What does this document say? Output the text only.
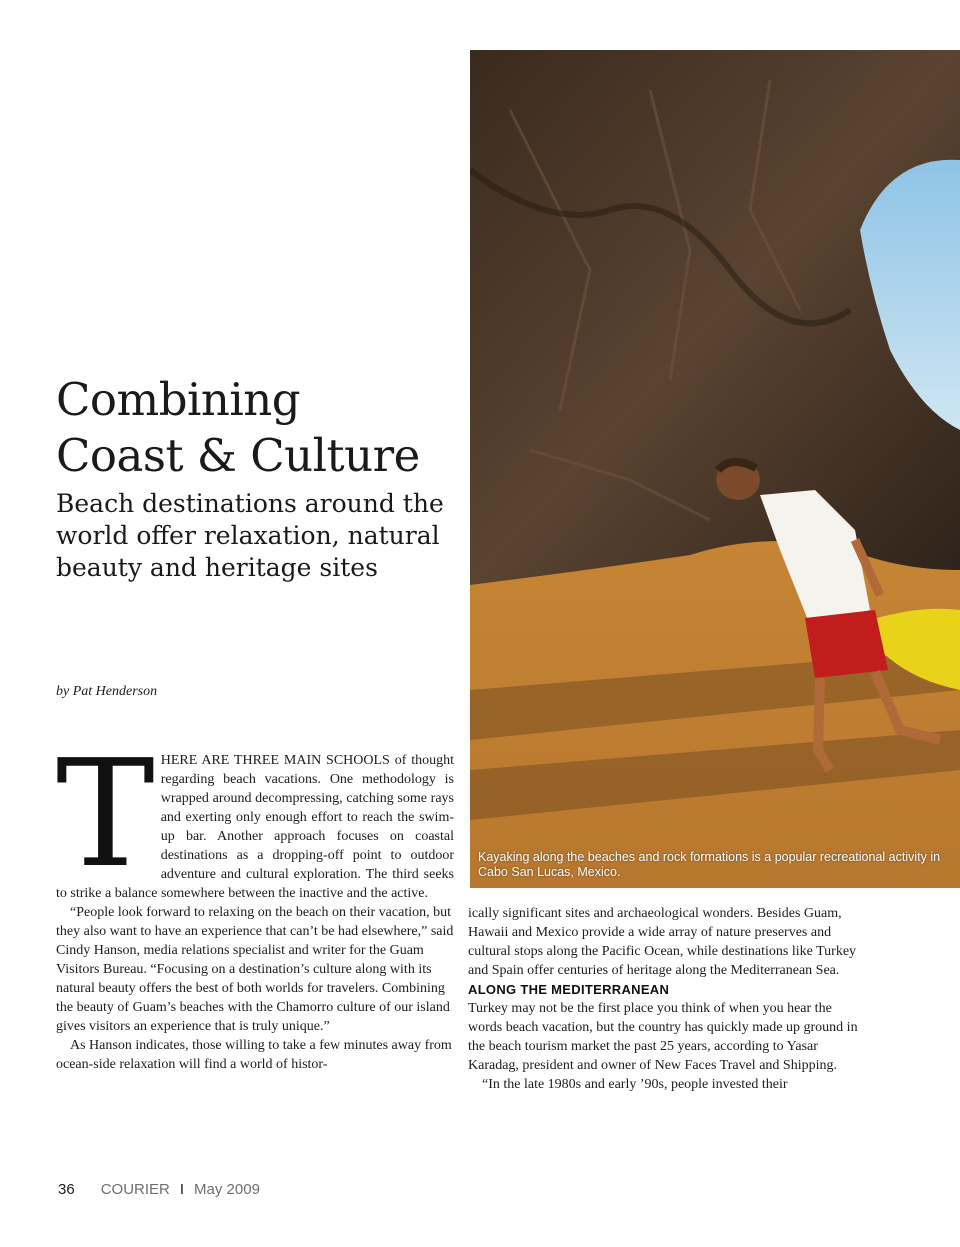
Kayaking along the beaches and rock formations is a popular recreational activity in Cabo San Lucas, Mexico.
Combining
Coast & Culture
Beach destinations around the world offer relaxation, natural beauty and heritage sites

by Pat Henderson

THERE ARE THREE MAIN SCHOOLS of thought regarding beach vacations. One methodology is wrapped around decompressing, catching some rays and exerting only enough effort to reach the swim-up bar. Another approach focuses on coastal destinations as a dropping-off point to outdoor adventure and cultural exploration. The third seeks to strike a balance somewhere between the inactive and the active.

“People look forward to relaxing on the beach on their vacation, but they also want to have an experience that can’t be had elsewhere,” said Cindy Hanson, media relations specialist and writer for the Guam Visitors Bureau. “Focusing on a destination’s culture along with its natural beauty offers the best of both worlds for travelers. Combining the beauty of Guam’s beaches with the Chamorro culture of our island gives visitors an experience that is truly unique.”

As Hanson indicates, those willing to take a few minutes away from ocean-side relaxation will find a world of histor-

ically significant sites and archaeological wonders. Besides Guam, Hawaii and Mexico provide a wide array of nature preserves and cultural stops along the Pacific Ocean, while destinations like Turkey and Spain offer centuries of heritage along the Mediterranean Sea.

ALONG THE MEDITERRANEAN

Turkey may not be the first place you think of when you hear the words beach vacation, but the country has quickly made up ground in the beach tourism market the past 25 years, according to Yasar Karadag, president and owner of New Faces Travel and Shipping.

“In the late 1980s and early ’90s, people invested their

36 COURIER I May 2009
